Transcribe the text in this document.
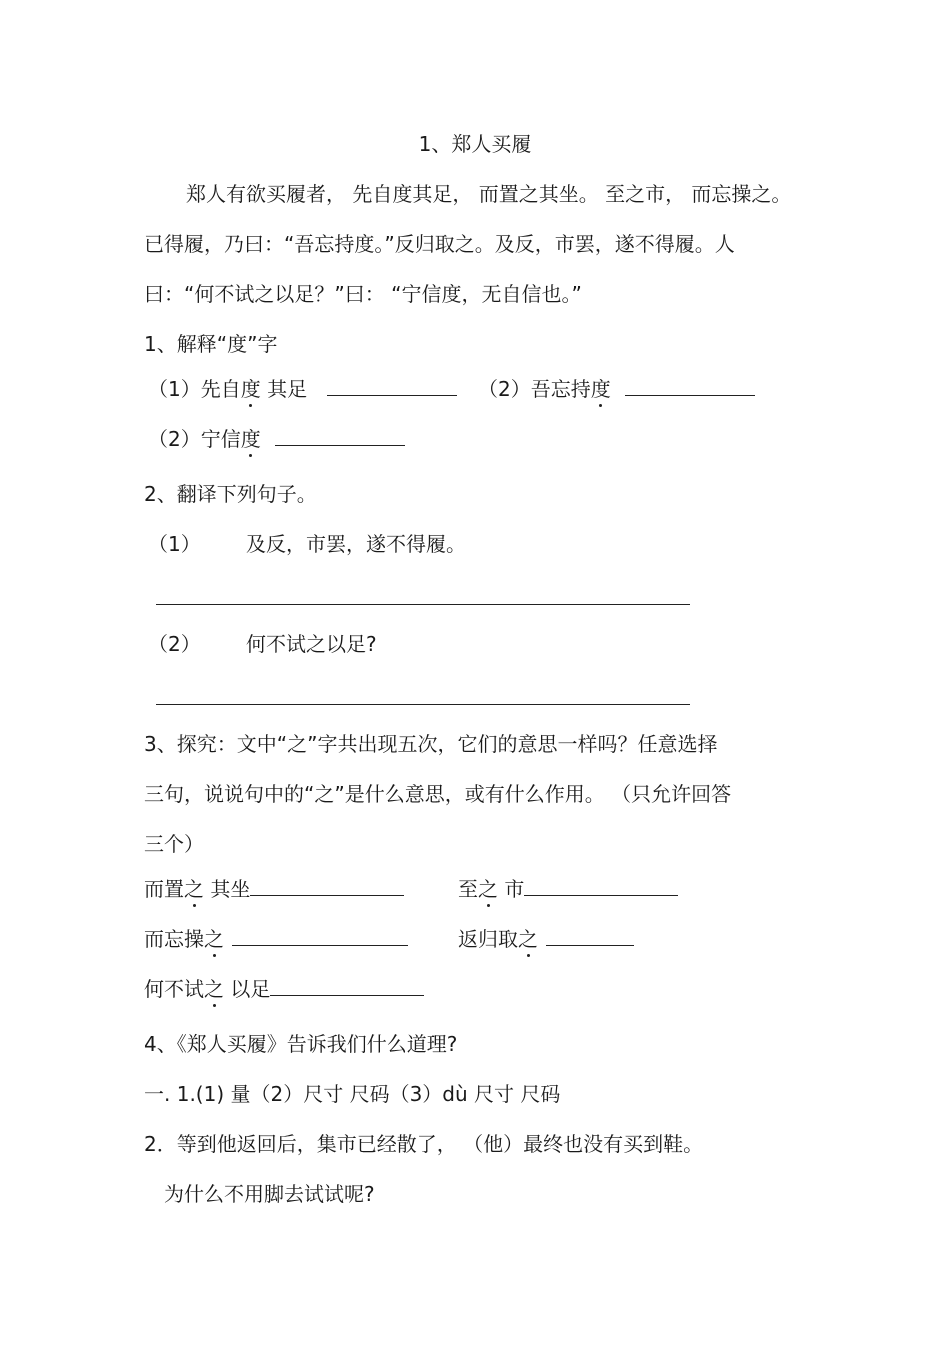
1、郑人买履
郑人有欲买履者， 先自度其足， 而置之其坐。 至之市， 而忘操之。
已得履，乃曰：“吾忘持度。”反归取之。及反，市罢，遂不得履。人
曰：“何不试之以足？”曰： “宁信度，无自信也。”
1、解释“度”字
（1）先自度 其足	（2）吾忘持度
（2）宁信度
2、翻译下列句子。
（1） 及反，市罢，遂不得履。
（2） 何不试之以足?
3、探究：文中“之”字共出现五次，它们的意思一样吗？任意选择
三句，说说句中的“之”是什么意思，或有什么作用。 （只允许回答
三个）
而置之 其坐	至之 市
而忘操之	返归取之
何不试之 以足
4、《郑人买履》告诉我们什么道理?
一. 1.(1) 量（2）尺寸 尺码（3）dù 尺寸 尺码
2．等到他返回后，集市已经散了， （他）最终也没有买到鞋。
为什么不用脚去试试呢?
